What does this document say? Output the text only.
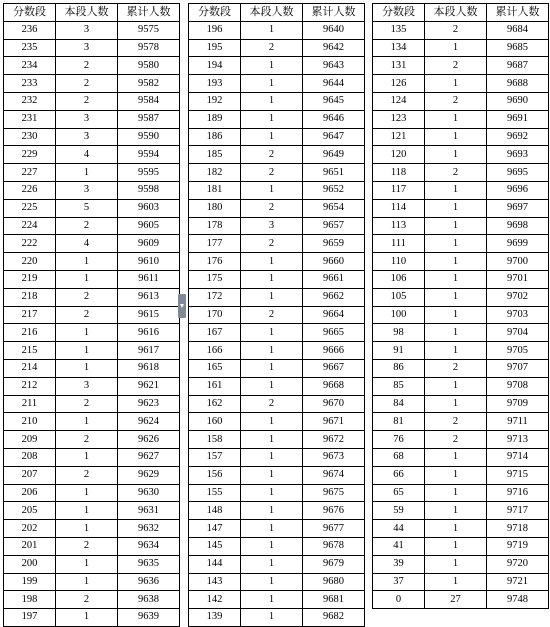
分数段	本段人数	累计人数
236	3	9575
235	3	9578
234	2	9580
233	2	9582
232	2	9584
231	3	9587
230	3	9590
229	4	9594
227	1	9595
226	3	9598
225	5	9603
224	2	9605
222	4	9609
220	1	9610
219	1	9611
218	2	9613
217	2	9615
216	1	9616
215	1	9617
214	1	9618
212	3	9621
211	2	9623
210	1	9624
209	2	9626
208	1	9627
207	2	9629
206	1	9630
205	1	9631
202	1	9632
201	2	9634
200	1	9635
199	1	9636
198	2	9638
197	1	9639
分数段	本段人数	累计人数
196	1	9640
195	2	9642
194	1	9643
193	1	9644
192	1	9645
189	1	9646
186	1	9647
185	2	9649
182	2	9651
181	1	9652
180	2	9654
178	3	9657
177	2	9659
176	1	9660
175	1	9661
172	1	9662
170	2	9664
167	1	9665
166	1	9666
165	1	9667
161	1	9668
162	2	9670
160	1	9671
158	1	9672
157	1	9673
156	1	9674
155	1	9675
148	1	9676
147	1	9677
145	1	9678
144	1	9679
143	1	9680
142	1	9681
139	1	9682
分数段	本段人数	累计人数
135	2	9684
134	1	9685
131	2	9687
126	1	9688
124	2	9690
123	1	9691
121	1	9692
120	1	9693
118	2	9695
117	1	9696
114	1	9697
113	1	9698
111	1	9699
110	1	9700
106	1	9701
105	1	9702
100	1	9703
98	1	9704
91	1	9705
86	2	9707
85	1	9708
84	1	9709
81	2	9711
76	2	9713
68	1	9714
66	1	9715
65	1	9716
59	1	9717
44	1	9718
41	1	9719
39	1	9720
37	1	9721
0	27	9748
